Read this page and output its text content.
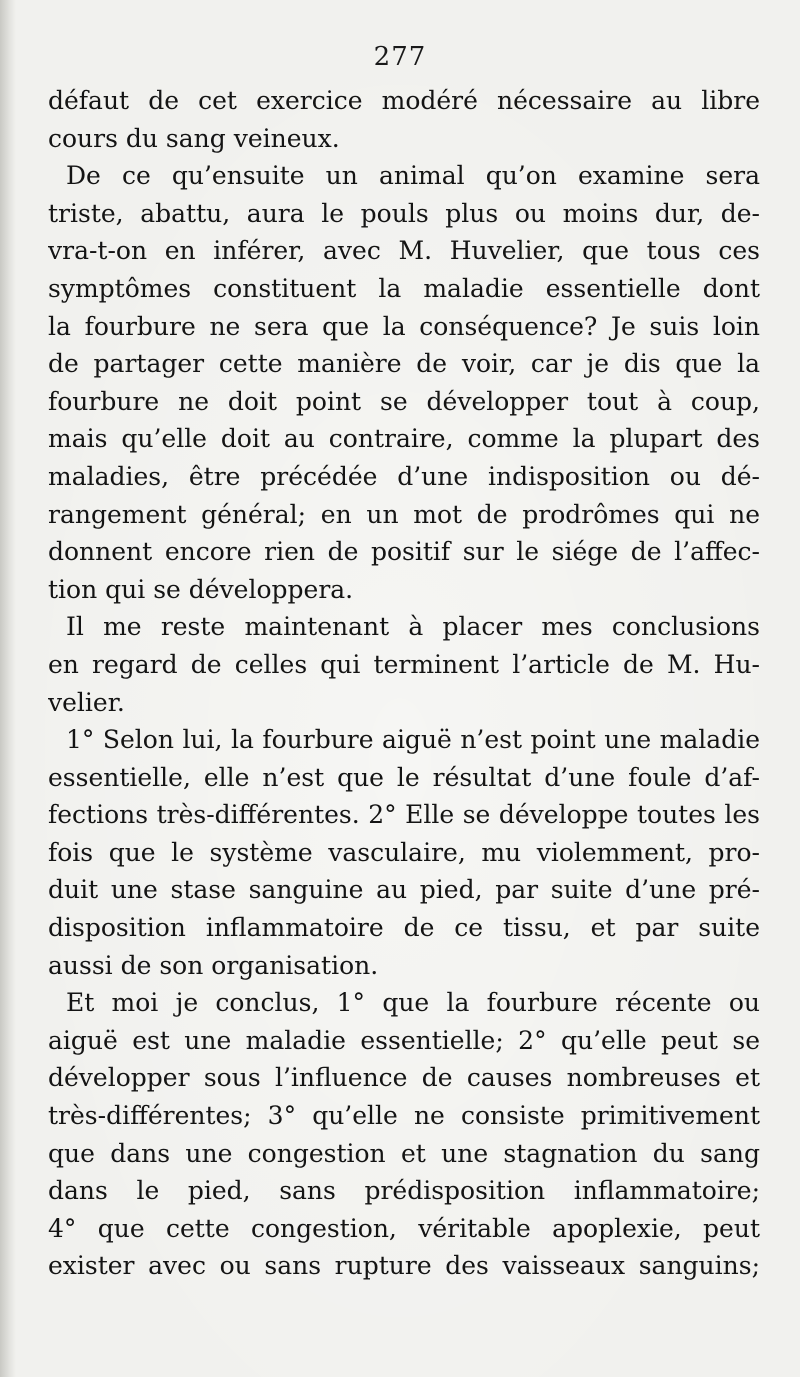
277
défaut de cet exercice modéré nécessaire au libre
cours du sang veineux.
De ce qu’ensuite un animal qu’on examine sera
triste, abattu, aura le pouls plus ou moins dur, de-
vra-t-on en inférer, avec M. Huvelier, que tous ces
symptômes constituent la maladie essentielle dont
la fourbure ne sera que la conséquence? Je suis loin
de partager cette manière de voir, car je dis que la
fourbure ne doit point se développer tout à coup,
mais qu’elle doit au contraire, comme la plupart des
maladies, être précédée d’une indisposition ou dé-
rangement général; en un mot de prodrômes qui ne
donnent encore rien de positif sur le siége de l’affec-
tion qui se développera.
Il me reste maintenant à placer mes conclusions
en regard de celles qui terminent l’article de M. Hu-
velier.
1° Selon lui, la fourbure aiguë n’est point une maladie
essentielle, elle n’est que le résultat d’une foule d’af-
fections très-différentes. 2° Elle se développe toutes les
fois que le système vasculaire, mu violemment, pro-
duit une stase sanguine au pied, par suite d’une pré-
disposition inflammatoire de ce tissu, et par suite
aussi de son organisation.
Et moi je conclus, 1° que la fourbure récente ou
aiguë est une maladie essentielle; 2° qu’elle peut se
développer sous l’influence de causes nombreuses et
très-différentes; 3° qu’elle ne consiste primitivement
que dans une congestion et une stagnation du sang
dans le pied, sans prédisposition inflammatoire;
4° que cette congestion, véritable apoplexie, peut
exister avec ou sans rupture des vaisseaux sanguins;
